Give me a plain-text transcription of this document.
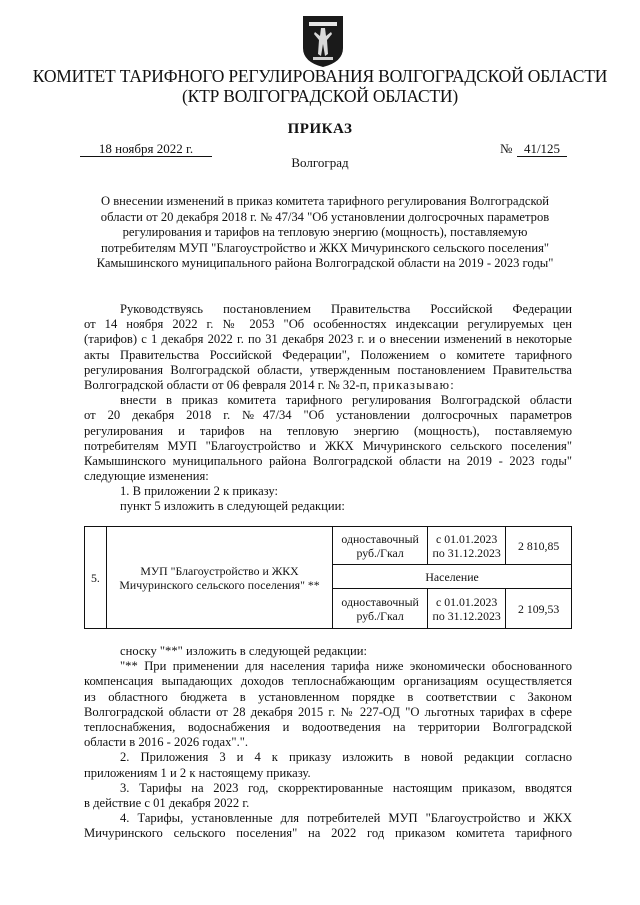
КОМИТЕТ ТАРИФНОГО РЕГУЛИРОВАНИЯ ВОЛГОГРАДСКОЙ ОБЛАСТИ
(КТР ВОЛГОГРАДСКОЙ ОБЛАСТИ)
ПРИКАЗ
18 ноября 2022 г.	№ 41/125
Волгоград
О внесении изменений в приказ комитета тарифного регулирования Волгоградской
области от 20 декабря 2018 г. № 47/34 "Об установлении долгосрочных параметров
регулирования и тарифов на тепловую энергию (мощность), поставляемую
потребителям МУП "Благоустройство и ЖКХ Мичуринского сельского поселения"
Камышинского муниципального района Волгоградской области на 2019 - 2023 годы"
Руководствуясь постановлением Правительства Российской Федерации
от 14 ноября 2022 г. № 2053 "Об особенностях индексации регулируемых цен
(тарифов) с 1 декабря 2022 г. по 31 декабря 2023 г. и о внесении изменений в некоторые
акты Правительства Российской Федерации", Положением о комитете тарифного
регулирования Волгоградской области, утвержденным постановлением Правительства
Волгоградской области от 06 февраля 2014 г. № 32-п, приказываю:
внести в приказ комитета тарифного регулирования Волгоградской области
от 20 декабря 2018 г. №47/34 "Об установлении долгосрочных параметров
регулирования и тарифов на тепловую энергию (мощность), поставляемую
потребителям МУП "Благоустройство и ЖКХ Мичуринского сельского поселения"
Камышинского муниципального района Волгоградской области на 2019 - 2023 годы"
следующие изменения:
1. В приложении 2 к приказу:
пункт 5 изложить в следующей редакции:
5.	МУП "Благоустройство и ЖКХ Мичуринского сельского поселения" **	одноставочный руб./Гкал	с 01.01.2023 по 31.12.2023	2 810,85
		Население		
		одноставочный руб./Гкал	с 01.01.2023 по 31.12.2023	2 109,53
сноску "**" изложить в следующей редакции:
"** При применении для населения тарифа ниже экономически обоснованного
компенсация выпадающих доходов теплоснабжающим организациям осуществляется
из областного бюджета в установленном порядке в соответствии с Законом
Волгоградской области от 28 декабря 2015 г. № 227-ОД "О льготных тарифах в сфере
теплоснабжения, водоснабжения и водоотведения на территории Волгоградской
области в 2016 - 2026 годах".".
2. Приложения 3 и 4 к приказу изложить в новой редакции согласно
приложениям 1 и 2 к настоящему приказу.
3. Тарифы на 2023 год, скорректированные настоящим приказом, вводятся
в действие с 01 декабря 2022 г.
4. Тарифы, установленные для потребителей МУП "Благоустройство и ЖКХ
Мичуринского сельского поселения" на 2022 год приказом комитета тарифного
